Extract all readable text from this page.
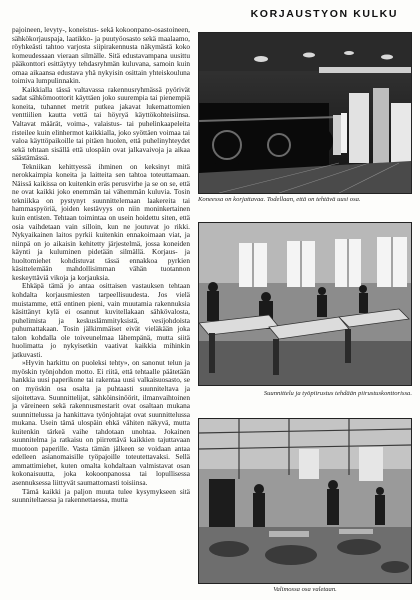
KORJAUSTYON KULKU

pajoineen, levyty-, koneistus- sekä kokoonpano-osastoineen, sähkökorjauspaja, laatikko- ja puutyöosasto sekä maalaamo, röyhkeästi tahtoo varjosta siipirakennusta näkymästä koko komeudessaan vieraan silmälle. Sitä edustavampana uusittu pääkonttori esittäytyy tehdasryhmän kuluvana, samoin kuin omaa aikaansa edustava yhä nykyisin osittain yhteiskouluna toimiva lumpulinnakin.

Kaikkialla tässä valtavassa rakennusryhmässä pyörivät sadat sähkömoottorit käyttäen joko suurempia tai pienempiä koneita, tuhannet metrit putkea jakavat lukemattomien venttiilien kautta vettä tai höyryä käyttökohteisiinsa. Valtavat määrät, voima-, valaistus- tai puhelinkaapeleita risteilee kuin elinhermot kaikkialla, joko syöttäen voimaa tai valoa käyttöpaikoille tai pitäen huolen, että puhelinyhteydet sekä tehtaan sisällä että ulospäin ovat jalkavaivoja ja aikaa säästämässä.

Tekniikan kehittyessä ihminen on keksinyt mitä nerokkaimpia koneita ja laitteita sen tahtoa toteuttamaan. Näissä kaikissa on kuitenkin eräs perusvirhe ja se on se, että ne ovat kaikki joko enemmän tai vähemmän kuluvia. Tosin tekniikka on pystynyt suunnittelemaan laakereita tai hammaspyöriä, joiden kestävyys on niin moninkertainen kuin entisten. Tehtaan toimintaa on usein hoidettu siten, että osia vaihdetaan vain silloin, kun ne joutuvat jo rikki. Nykyaikainen laitos pyrkii kuitenkin ennakoimaan viat, ja niinpä on jo aikaisin kehitetty järjestelmä, jossa koneiden käynti ja kuluminen pidetään silmällä. Korjaus- ja huoltomiehet kohdistuvat tässä ennakkoa pyrkien käsittelemään mahdollisimman vähän tuotannon keskeyttäviä vikoja ja korjauksia.

Ehkäpä tämä jo antaa osittaisen vastauksen tehtaan kohdalta korjausmiesten tarpeellisuudesta. Jos vielä muistamme, että entinen pieni, vain muutamia rakennuksia käsittänyt kylä ei osannut kuvitellakaan sähkövalosta, puhelimista ja keskuslämmityksistä, vesijohdoista puhumattakaan. Tosin jälkimmäiset eivät vieläkään joka talon kohdalla ole toiveunelmaa lähempänä, mutta siitä huolimatta jo nykyisetkin vaativat kaikkia mihinkin jatkuvasti.

»Hyvin harkittu on puoleksi tehty», on sanonut telun ja myöskin työnjohdon motto. Ei riitä, että tehtaalle päätetään hankkia uusi paperikone tai rakentaa uusi valkaisuosasto, se on myöskin osa osalta ja puhtaasti suunniteltava ja sijoitettava. Suunnittelijat, sähköinsinöörit, ilmanvaihtoinen ja väreineen sekä rakennusmestarit ovat osaltaan mukana suunnittelussa ja hankittava työnjohtajat ovat suunnittelussa mukana. Usein tämä ulospäin ehkä vähiten näkyvä, mutta kuitenkin tärkeä vaihe tahdotaan unohtaa. Jokainen suunnitelma ja ratkaisu on piirrettävä kaikkien tajuttavaan muotoon paperille. Vasta tämän jälkeen se voidaan antaa edelleen asianomaisille työpajoille toteutettavaksi. Sellä ammattimiehet, kuten omalta kohdaltaan valmistavat osan kokonaisuutta, joka kokoonpanossa tai lopullisessa asennuksessa liittyvät saumattomasti toisiinsa.

Tämä kaikki ja paljon muuta tulee kysymykseen sitä suunniteltaessa ja rakennettaessa, mutta

Koneessa on korjattavaa. Todellaan, että on tehtävä uusi osa.
Suunnittelu ja työpiirustus tehdään piirustuskonttorissa.
Valimossa osa valetaan.
